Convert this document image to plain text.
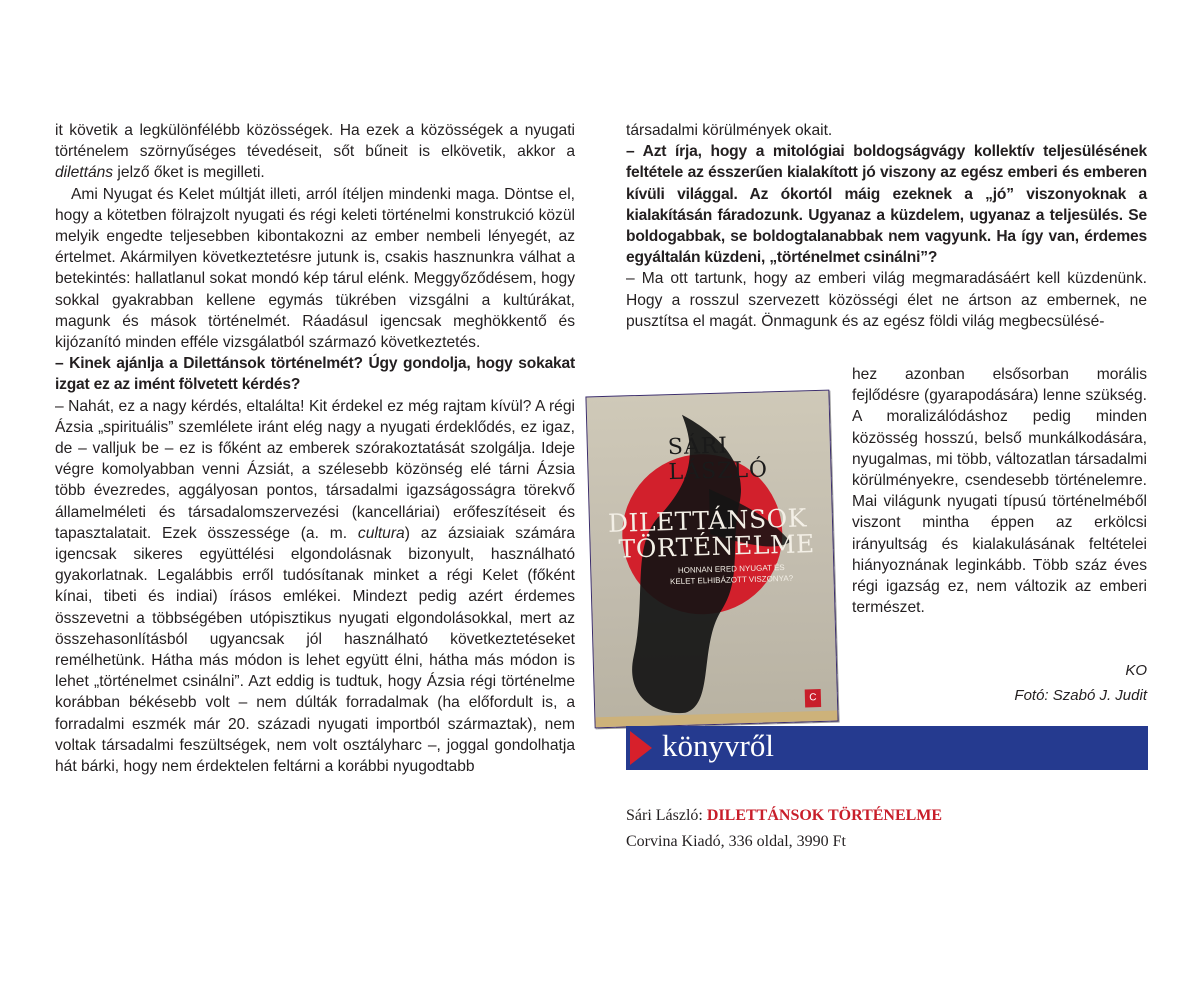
it követik a legkülönfélébb közösségek. Ha ezek a közösségek a nyugati történelem szörnyűséges tévedéseit, sőt bűneit is elkövetik, akkor a dilettáns jelző őket is megilleti.

Ami Nyugat és Kelet múltját illeti, arról ítéljen mindenki maga. Döntse el, hogy a kötetben fölrajzolt nyugati és régi keleti történelmi konstrukció közül melyik engedte teljesebben kibontakozni az ember nembeli lényegét, az értelmet. Akármilyen következtetésre jutunk is, csakis hasznunkra válhat a betekintés: hallatlanul sokat mondó kép tárul elénk. Meggyőződésem, hogy sokkal gyakrabban kellene egymás tükrében vizsgálni a kultúrákat, magunk és mások történelmét. Ráadásul igencsak meghökkentő és kijózanító minden efféle vizsgálatból származó következtetés.

– Kinek ajánlja a Dilettánsok történelmét? Úgy gondolja, hogy sokakat izgat ez az imént fölvetett kérdés?

– Nahát, ez a nagy kérdés, eltalálta! Kit érdekel ez még rajtam kívül? A régi Ázsia „spirituális” szemlélete iránt elég nagy a nyugati érdeklődés, ez igaz, de – valljuk be – ez is főként az emberek szórakoztatását szolgálja. Ideje végre komolyabban venni Ázsiát, a szélesebb közönség elé tárni Ázsia több évezredes, aggályosan pontos, társadalmi igazságosságra törekvő államelméleti és társadalomszervezési (kancelláriai) erőfeszítéseit és tapasztalatait. Ezek összessége (a. m. cultura) az ázsiaiak számára igencsak sikeres együttélési elgondolásnak bizonyult, használható gyakorlatnak. Legalábbis erről tudósítanak minket a régi Kelet (főként kínai, tibeti és indiai) írásos emlékei. Mindezt pedig azért érdemes összevetni a többségében utópisztikus nyugati elgondolásokkal, mert az összehasonlításból ugyancsak jól használható következtetéseket remélhetünk. Hátha más módon is lehet együtt élni, hátha más módon is lehet „történelmet csinálni”. Azt eddig is tudtuk, hogy Ázsia régi történelme korábban békésebb volt – nem dúlták forradalmak (ha előfordult is, a forradalmi eszmék már 20. századi nyugati importból származtak), nem voltak társadalmi feszültségek, nem volt osztályharc –, joggal gondolhatja hát bárki, hogy nem érdektelen feltárni a korábbi nyugodtabb

társadalmi körülmények okait.

– Azt írja, hogy a mitológiai boldogságvágy kollektív teljesülésének feltétele az ésszerűen kialakított jó viszony az egész emberi és emberen kívüli világgal. Az ókortól máig ezeknek a „jó” viszonyoknak a kialakításán fáradozunk. Ugyanaz a küzdelem, ugyanaz a teljesülés. Se boldogabbak, se boldogtalanabbak nem vagyunk. Ha így van, érdemes egyáltalán küzdeni, „történelmet csinálni”?

– Ma ott tartunk, hogy az emberi világ megmaradásáért kell küzdenünk. Hogy a rosszul szervezett közösségi élet ne ártson az embernek, ne pusztítsa el magát. Önmagunk és az egész földi világ megbecsülésé-

hez azonban elsősorban morális fejlődésre (gyarapodására) lenne szükség. A moralizálódáshoz pedig minden közösség hosszú, belső munkálkodására, nyugalmas, mi több, változatlan társadalmi körülményekre, csendesebb történelemre. Mai világunk nyugati típusú történelméből viszont mintha éppen az erkölcsi irányultság és kialakulásának feltételei hiányoznának leginkább. Több száz éves régi igazság ez, nem változik az emberi természet.

KO
Fotó: Szabó J. Judit
SÁRI LÁSZLÓ
DILETTÁNSOK
TÖRTÉNELME
HONNAN ERED NYUGAT ÉS KELET ELHIBÁZOTT VISZONYA?
C
könyvről
Sári László: DILETTÁNSOK TÖRTÉNELME
Corvina Kiadó, 336 oldal, 3990 Ft
